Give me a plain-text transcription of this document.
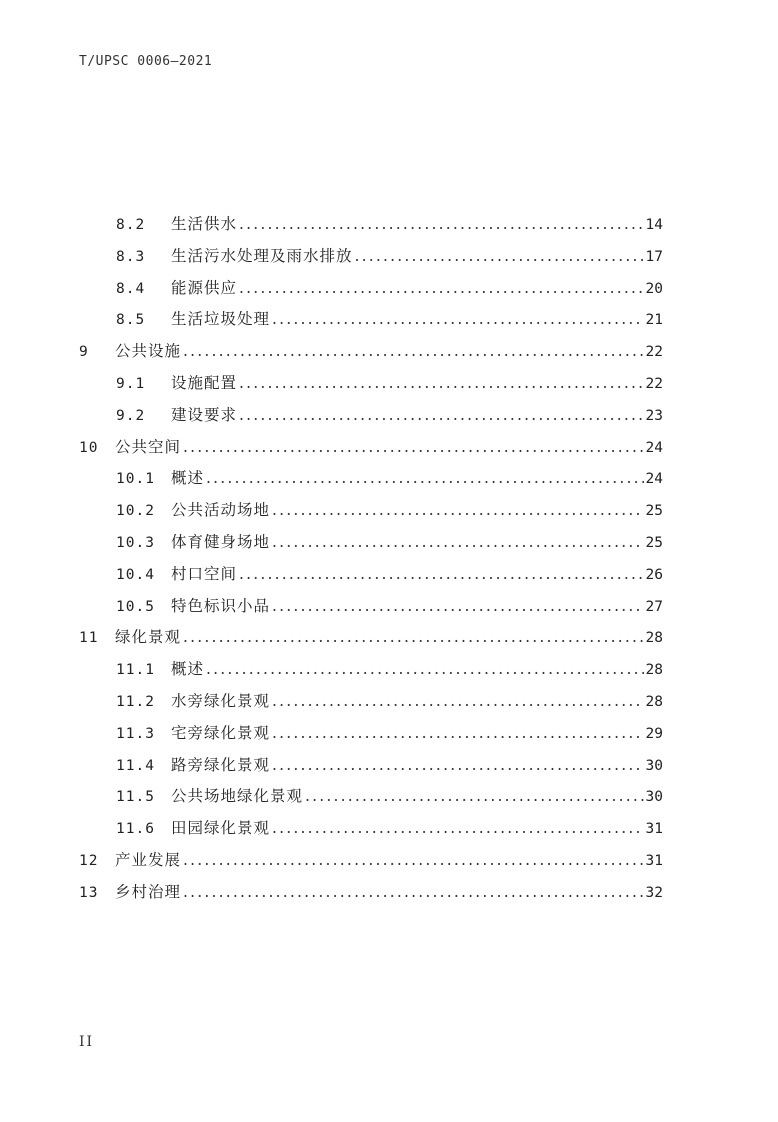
T/UPSC 0006—2021
8.2	生活供水 .....	14
8.3	生活污水处理及雨水排放 .....	17
8.4	能源供应 .....	20
8.5	生活垃圾处理 .....	21
9	公共设施 .....	22
9.1	设施配置 .....	22
9.2	建设要求 .....	23
10	公共空间 .....	24
10.1	概述 .....	24
10.2	公共活动场地 .....	25
10.3	体育健身场地 .....	25
10.4	村口空间 .....	26
10.5	特色标识小品 .....	27
11	绿化景观 .....	28
11.1	概述 .....	28
11.2	水旁绿化景观 .....	28
11.3	宅旁绿化景观 .....	29
11.4	路旁绿化景观 .....	30
11.5	公共场地绿化景观 .....	30
11.6	田园绿化景观 .....	31
12	产业发展 .....	31
13	乡村治理 .....	32
II
